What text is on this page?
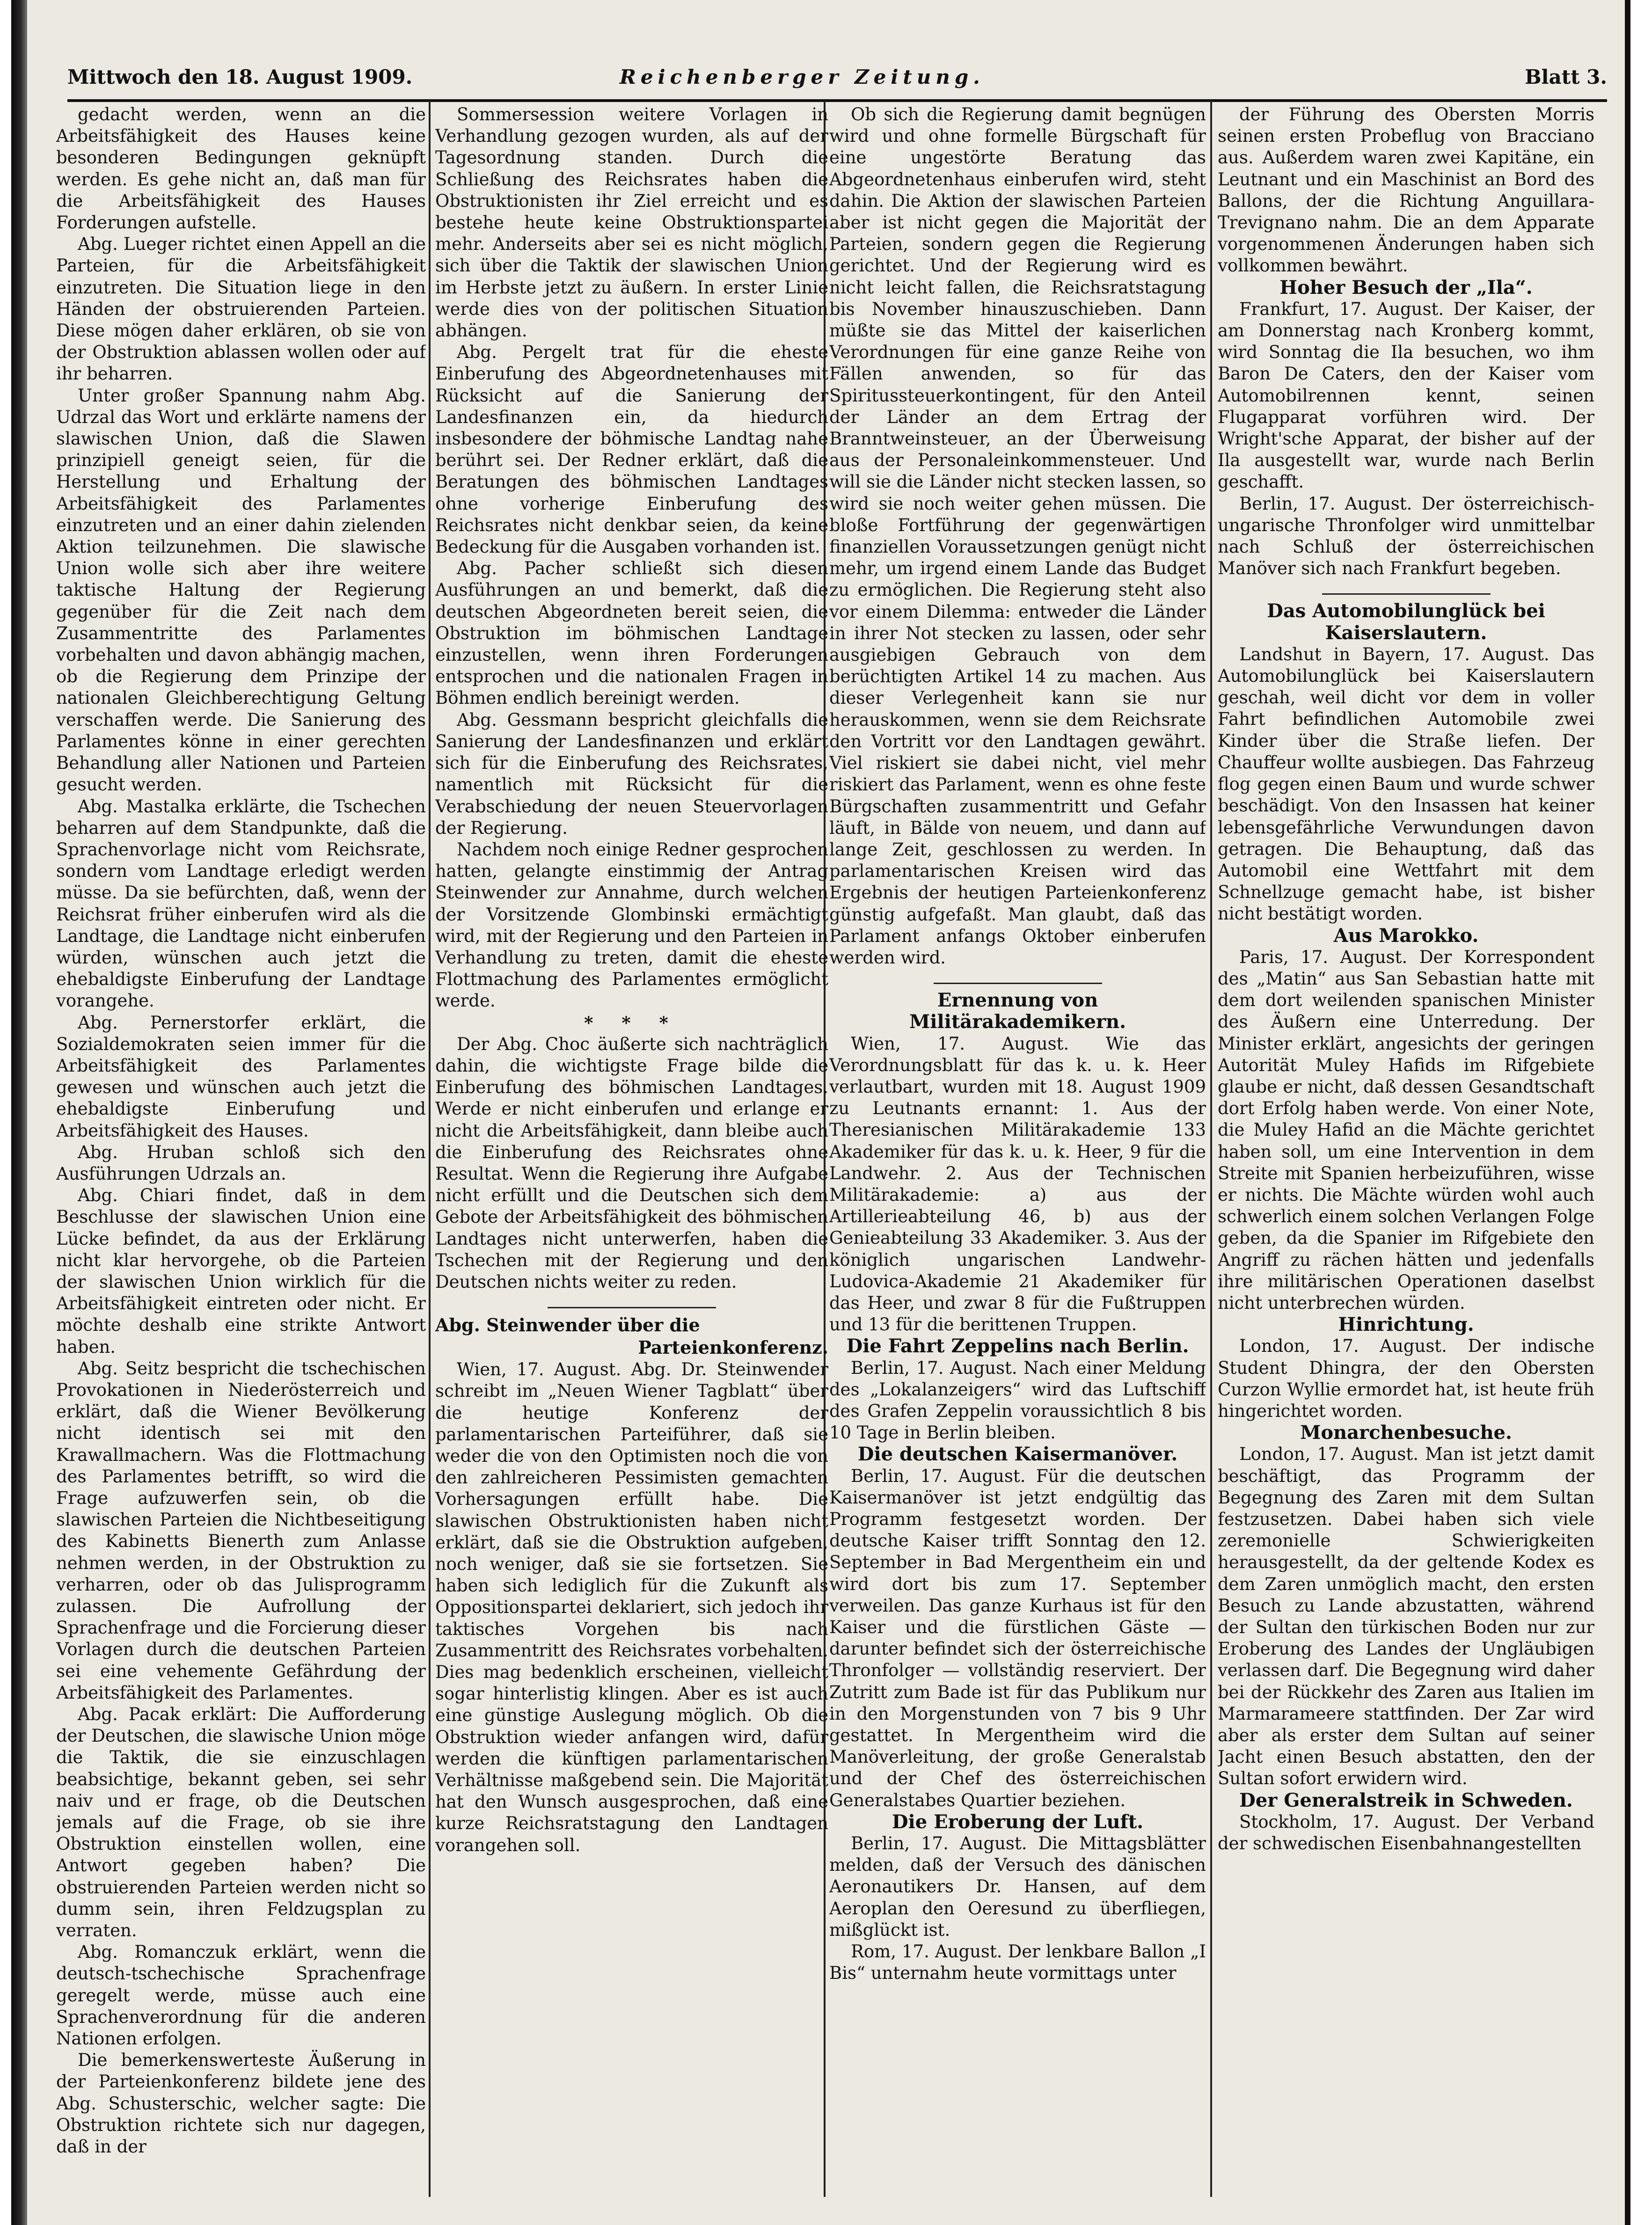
Mittwoch den 18. August 1909.	Reichenberger Zeitung.	Blatt 3.

gedacht werden, wenn an die Arbeitsfähigkeit des Hauses keine besonderen Bedingungen geknüpft werden. Es gehe nicht an, daß man für die Arbeitsfähigkeit des Hauses Forderungen aufstelle.

Abg. Lueger richtet einen Appell an die Parteien, für die Arbeitsfähigkeit einzutreten. Die Situation liege in den Händen der obstruierenden Parteien. Diese mögen daher erklären, ob sie von der Obstruktion ablassen wollen oder auf ihr beharren.

Unter großer Spannung nahm Abg. Udrzal das Wort und erklärte namens der slawischen Union, daß die Slawen prinzipiell geneigt seien, für die Herstellung und Erhaltung der Arbeitsfähigkeit des Parlamentes einzutreten und an einer dahin zielenden Aktion teilzunehmen. Die slawische Union wolle sich aber ihre weitere taktische Haltung der Regierung gegenüber für die Zeit nach dem Zusammentritte des Parlamentes vorbehalten und davon abhängig machen, ob die Regierung dem Prinzipe der nationalen Gleichberechtigung Geltung verschaffen werde. Die Sanierung des Parlamentes könne in einer gerechten Behandlung aller Nationen und Parteien gesucht werden.

Abg. Mastalka erklärte, die Tschechen beharren auf dem Standpunkte, daß die Sprachenvorlage nicht vom Reichsrate, sondern vom Landtage erledigt werden müsse. Da sie befürchten, daß, wenn der Reichsrat früher einberufen wird als die Landtage, die Landtage nicht einberufen würden, wünschen auch jetzt die ehebaldigste Einberufung der Landtage vorangehe.

Abg. Pernerstorfer erklärt, die Sozialdemokraten seien immer für die Arbeitsfähigkeit des Parlamentes gewesen und wünschen auch jetzt die ehebaldigste Einberufung und Arbeitsfähigkeit des Hauses.

Abg. Hruban schloß sich den Ausführungen Udrzals an.

Abg. Chiari findet, daß in dem Beschlusse der slawischen Union eine Lücke befindet, da aus der Erklärung nicht klar hervorgehe, ob die Parteien der slawischen Union wirklich für die Arbeitsfähigkeit eintreten oder nicht. Er möchte deshalb eine strikte Antwort haben.

Abg. Seitz bespricht die tschechischen Provokationen in Niederösterreich und erklärt, daß die Wiener Bevölkerung nicht identisch sei mit den Krawallmachern. Was die Flottmachung des Parlamentes betrifft, so wird die Frage aufzuwerfen sein, ob die slawischen Parteien die Nichtbeseitigung des Kabinetts Bienerth zum Anlasse nehmen werden, in der Obstruktion zu verharren, oder ob das Julisprogramm zulassen. Die Aufrollung der Sprachenfrage und die Forcierung dieser Vorlagen durch die deutschen Parteien sei eine vehemente Gefährdung der Arbeitsfähigkeit des Parlamentes.

Abg. Pacak erklärt: Die Aufforderung der Deutschen, die slawische Union möge die Taktik, die sie einzuschlagen beabsichtige, bekannt geben, sei sehr naiv und er frage, ob die Deutschen jemals auf die Frage, ob sie ihre Obstruktion einstellen wollen, eine Antwort gegeben haben? Die obstruierenden Parteien werden nicht so dumm sein, ihren Feldzugsplan zu verraten.

Abg. Romanczuk erklärt, wenn die deutsch-tschechische Sprachenfrage geregelt werde, müsse auch eine Sprachenverordnung für die anderen Nationen erfolgen.

Die bemerkenswerteste Äußerung in der Parteienkonferenz bildete jene des Abg. Schusterschic, welcher sagte: Die Obstruktion richtete sich nur dagegen, daß in der

Sommersession weitere Vorlagen in Verhandlung gezogen wurden, als auf der Tagesordnung standen. Durch die Schließung des Reichsrates haben die Obstruktionisten ihr Ziel erreicht und es bestehe heute keine Obstruktionspartei mehr. Anderseits aber sei es nicht möglich, sich über die Taktik der slawischen Union im Herbste jetzt zu äußern. In erster Linie werde dies von der politischen Situation abhängen.

Abg. Pergelt trat für die eheste Einberufung des Abgeordnetenhauses mit Rücksicht auf die Sanierung der Landesfinanzen ein, da hiedurch insbesondere der böhmische Landtag nahe berührt sei. Der Redner erklärt, daß die Beratungen des böhmischen Landtages ohne vorherige Einberufung des Reichsrates nicht denkbar seien, da keine Bedeckung für die Ausgaben vorhanden ist.

Abg. Pacher schließt sich diesen Ausführungen an und bemerkt, daß die deutschen Abgeordneten bereit seien, die Obstruktion im böhmischen Landtage einzustellen, wenn ihren Forderungen entsprochen und die nationalen Fragen in Böhmen endlich bereinigt werden.

Abg. Gessmann bespricht gleichfalls die Sanierung der Landesfinanzen und erklärt sich für die Einberufung des Reichsrates, namentlich mit Rücksicht für die Verabschiedung der neuen Steuervorlagen der Regierung.

Nachdem noch einige Redner gesprochen hatten, gelangte einstimmig der Antrag Steinwender zur Annahme, durch welchen der Vorsitzende Glombinski ermächtigt wird, mit der Regierung und den Parteien in Verhandlung zu treten, damit die eheste Flottmachung des Parlamentes ermöglicht werde.

* * *

Der Abg. Choc äußerte sich nachträglich dahin, die wichtigste Frage bilde die Einberufung des böhmischen Landtages. Werde er nicht einberufen und erlange er nicht die Arbeitsfähigkeit, dann bleibe auch die Einberufung des Reichsrates ohne Resultat. Wenn die Regierung ihre Aufgabe nicht erfüllt und die Deutschen sich dem Gebote der Arbeitsfähigkeit des böhmischen Landtages nicht unterwerfen, haben die Tschechen mit der Regierung und den Deutschen nichts weiter zu reden.

Abg. Steinwender über die
Parteienkonferenz.

Wien, 17. August. Abg. Dr. Steinwender schreibt im „Neuen Wiener Tagblatt“ über die heutige Konferenz der parlamentarischen Parteiführer, daß sie weder die von den Optimisten noch die von den zahlreicheren Pessimisten gemachten Vorhersagungen erfüllt habe. Die slawischen Obstruktionisten haben nicht erklärt, daß sie die Obstruktion aufgeben, noch weniger, daß sie sie fortsetzen. Sie haben sich lediglich für die Zukunft als Oppositionspartei deklariert, sich jedoch ihr taktisches Vorgehen bis nach Zusammentritt des Reichsrates vorbehalten. Dies mag bedenklich erscheinen, vielleicht sogar hinterlistig klingen. Aber es ist auch eine günstige Auslegung möglich. Ob die Obstruktion wieder anfangen wird, dafür werden die künftigen parlamentarischen Verhältnisse maßgebend sein. Die Majorität hat den Wunsch ausgesprochen, daß eine kurze Reichsratstagung den Landtagen vorangehen soll.

Ob sich die Regierung damit begnügen wird und ohne formelle Bürgschaft für eine ungestörte Beratung das Abgeordnetenhaus einberufen wird, steht dahin. Die Aktion der slawischen Parteien aber ist nicht gegen die Majorität der Parteien, sondern gegen die Regierung gerichtet. Und der Regierung wird es nicht leicht fallen, die Reichsratstagung bis November hinauszuschieben. Dann müßte sie das Mittel der kaiserlichen Verordnungen für eine ganze Reihe von Fällen anwenden, so für das Spiritussteuerkontingent, für den Anteil der Länder an dem Ertrag der Branntweinsteuer, an der Überweisung aus der Personaleinkommensteuer. Und will sie die Länder nicht stecken lassen, so wird sie noch weiter gehen müssen. Die bloße Fortführung der gegenwärtigen finanziellen Voraussetzungen genügt nicht mehr, um irgend einem Lande das Budget zu ermöglichen. Die Regierung steht also vor einem Dilemma: entweder die Länder in ihrer Not stecken zu lassen, oder sehr ausgiebigen Gebrauch von dem berüchtigten Artikel 14 zu machen. Aus dieser Verlegenheit kann sie nur herauskommen, wenn sie dem Reichsrate den Vortritt vor den Landtagen gewährt. Viel riskiert sie dabei nicht, viel mehr riskiert das Parlament, wenn es ohne feste Bürgschaften zusammentritt und Gefahr läuft, in Bälde von neuem, und dann auf lange Zeit, geschlossen zu werden. In parlamentarischen Kreisen wird das Ergebnis der heutigen Parteienkonferenz günstig aufgefaßt. Man glaubt, daß das Parlament anfangs Oktober einberufen werden wird.

Ernennung von Militärakademikern.

Wien, 17. August. Wie das Verordnungsblatt für das k. u. k. Heer verlautbart, wurden mit 18. August 1909 zu Leutnants ernannt: 1. Aus der Theresianischen Militärakademie 133 Akademiker für das k. u. k. Heer, 9 für die Landwehr. 2. Aus der Technischen Militärakademie: a) aus der Artillerieabteilung 46, b) aus der Genieabteilung 33 Akademiker. 3. Aus der königlich ungarischen Landwehr-Ludovica-Akademie 21 Akademiker für das Heer, und zwar 8 für die Fußtruppen und 13 für die berittenen Truppen.

Die Fahrt Zeppelins nach Berlin.

Berlin, 17. August. Nach einer Meldung des „Lokalanzeigers“ wird das Luftschiff des Grafen Zeppelin voraussichtlich 8 bis 10 Tage in Berlin bleiben.

Die deutschen Kaisermanöver.

Berlin, 17. August. Für die deutschen Kaisermanöver ist jetzt endgültig das Programm festgesetzt worden. Der deutsche Kaiser trifft Sonntag den 12. September in Bad Mergentheim ein und wird dort bis zum 17. September verweilen. Das ganze Kurhaus ist für den Kaiser und die fürstlichen Gäste — darunter befindet sich der österreichische Thronfolger — vollständig reserviert. Der Zutritt zum Bade ist für das Publikum nur in den Morgenstunden von 7 bis 9 Uhr gestattet. In Mergentheim wird die Manöverleitung, der große Generalstab und der Chef des österreichischen Generalstabes Quartier beziehen.

Die Eroberung der Luft.

Berlin, 17. August. Die Mittagsblätter melden, daß der Versuch des dänischen Aeronautikers Dr. Hansen, auf dem Aeroplan den Oeresund zu überfliegen, mißglückt ist.

Rom, 17. August. Der lenkbare Ballon „I Bis“ unternahm heute vormittags unter

der Führung des Obersten Morris seinen ersten Probeflug von Bracciano aus. Außerdem waren zwei Kapitäne, ein Leutnant und ein Maschinist an Bord des Ballons, der die Richtung Anguillara-Trevignano nahm. Die an dem Apparate vorgenommenen Änderungen haben sich vollkommen bewährt.

Hoher Besuch der „Ila“.

Frankfurt, 17. August. Der Kaiser, der am Donnerstag nach Kronberg kommt, wird Sonntag die Ila besuchen, wo ihm Baron De Caters, den der Kaiser vom Automobilrennen kennt, seinen Flugapparat vorführen wird. Der Wright'sche Apparat, der bisher auf der Ila ausgestellt war, wurde nach Berlin geschafft.

Berlin, 17. August. Der österreichisch-ungarische Thronfolger wird unmittelbar nach Schluß der österreichischen Manöver sich nach Frankfurt begeben.

Das Automobilunglück bei Kaiserslautern.

Landshut in Bayern, 17. August. Das Automobilunglück bei Kaiserslautern geschah, weil dicht vor dem in voller Fahrt befindlichen Automobile zwei Kinder über die Straße liefen. Der Chauffeur wollte ausbiegen. Das Fahrzeug flog gegen einen Baum und wurde schwer beschädigt. Von den Insassen hat keiner lebensgefährliche Verwundungen davon getragen. Die Behauptung, daß das Automobil eine Wettfahrt mit dem Schnellzuge gemacht habe, ist bisher nicht bestätigt worden.

Aus Marokko.

Paris, 17. August. Der Korrespondent des „Matin“ aus San Sebastian hatte mit dem dort weilenden spanischen Minister des Äußern eine Unterredung. Der Minister erklärt, angesichts der geringen Autorität Muley Hafids im Rifgebiete glaube er nicht, daß dessen Gesandtschaft dort Erfolg haben werde. Von einer Note, die Muley Hafid an die Mächte gerichtet haben soll, um eine Intervention in dem Streite mit Spanien herbeizuführen, wisse er nichts. Die Mächte würden wohl auch schwerlich einem solchen Verlangen Folge geben, da die Spanier im Rifgebiete den Angriff zu rächen hätten und jedenfalls ihre militärischen Operationen daselbst nicht unterbrechen würden.

Hinrichtung.

London, 17. August. Der indische Student Dhingra, der den Obersten Curzon Wyllie ermordet hat, ist heute früh hingerichtet worden.

Monarchenbesuche.

London, 17. August. Man ist jetzt damit beschäftigt, das Programm der Begegnung des Zaren mit dem Sultan festzusetzen. Dabei haben sich viele zeremonielle Schwierigkeiten herausgestellt, da der geltende Kodex es dem Zaren unmöglich macht, den ersten Besuch zu Lande abzustatten, während der Sultan den türkischen Boden nur zur Eroberung des Landes der Ungläubigen verlassen darf. Die Begegnung wird daher bei der Rückkehr des Zaren aus Italien im Marmarameere stattfinden. Der Zar wird aber als erster dem Sultan auf seiner Jacht einen Besuch abstatten, den der Sultan sofort erwidern wird.

Der Generalstreik in Schweden.

Stockholm, 17. August. Der Verband der schwedischen Eisenbahnangestellten
